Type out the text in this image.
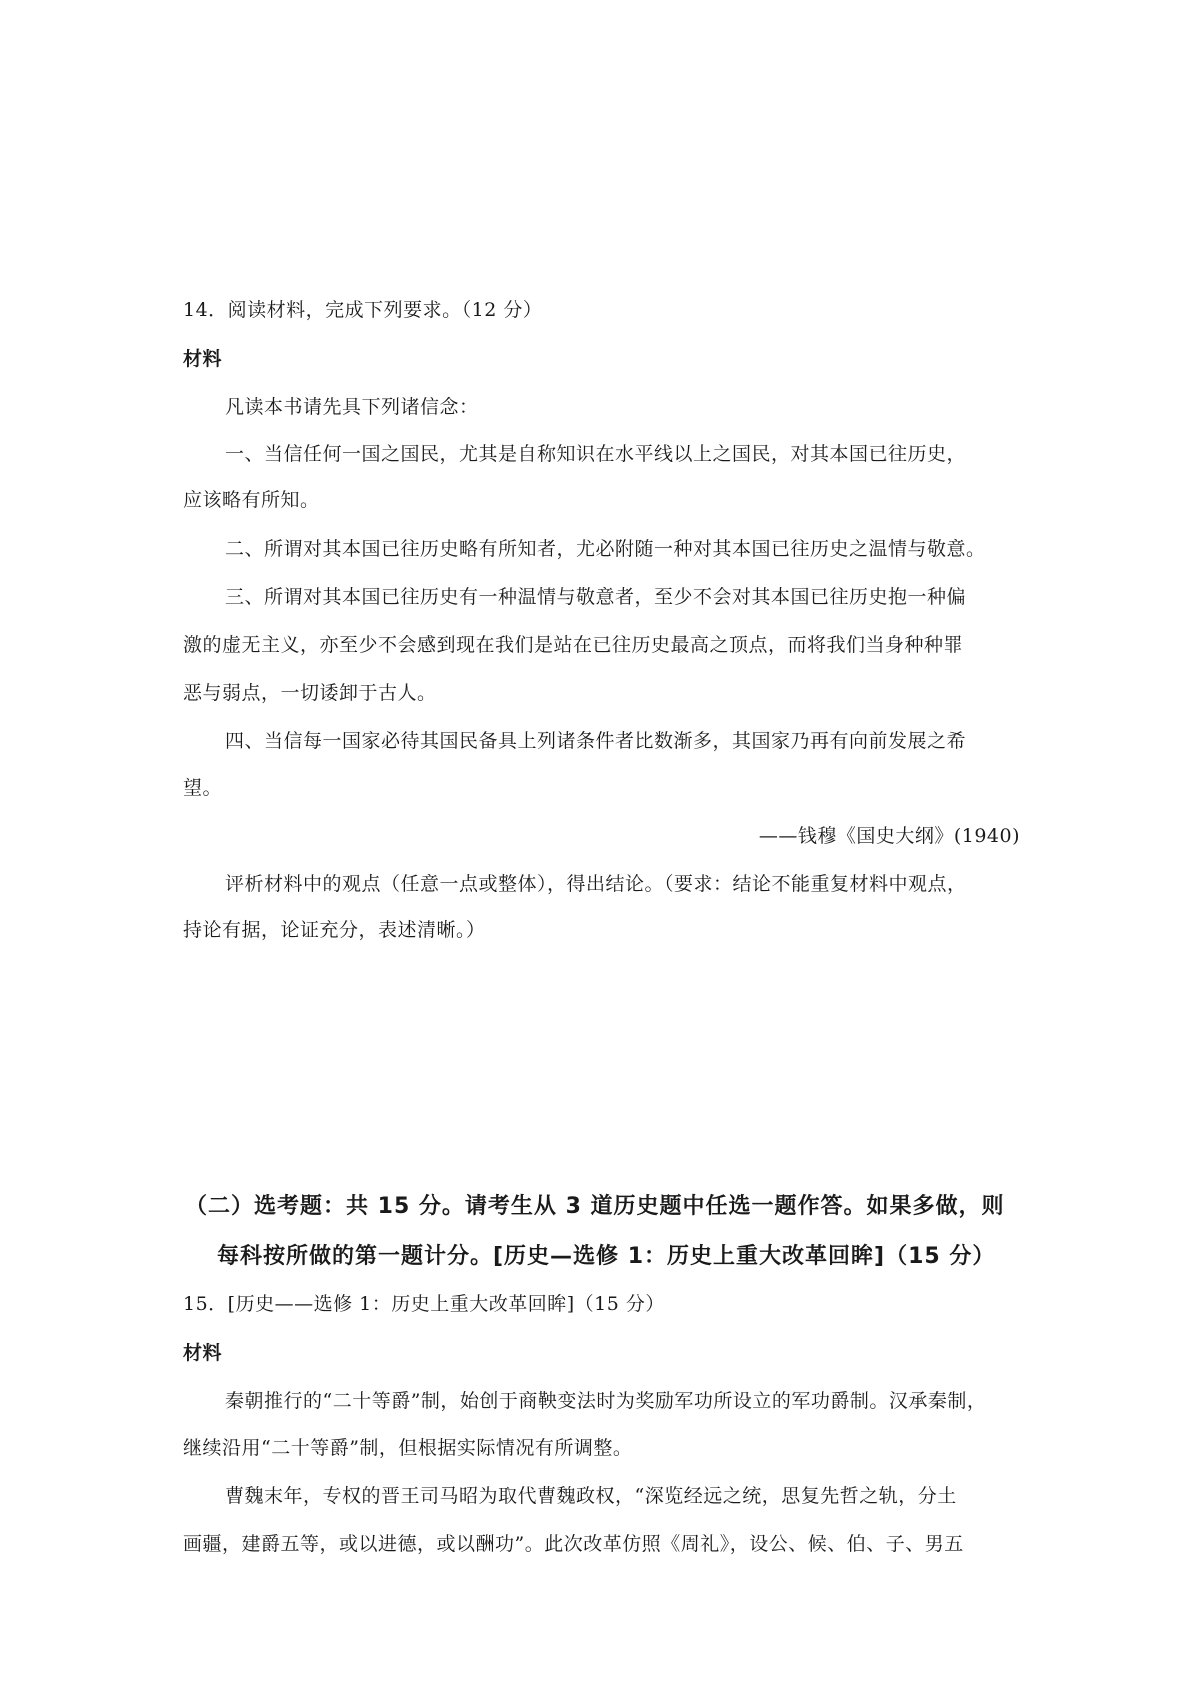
14．阅读材料，完成下列要求。（12 分）
材料
凡读本书请先具下列诸信念：
一、当信任何一国之国民，尤其是自称知识在水平线以上之国民，对其本国已往历史，
应该略有所知。
二、所谓对其本国已往历史略有所知者，尤必附随一种对其本国已往历史之温情与敬意。
三、所谓对其本国已往历史有一种温情与敬意者，至少不会对其本国已往历史抱一种偏
激的虚无主义，亦至少不会感到现在我们是站在已往历史最高之顶点，而将我们当身种种罪
恶与弱点，一切诿卸于古人。
四、当信每一国家必待其国民备具上列诸条件者比数渐多，其国家乃再有向前发展之希
望。
——钱穆《国史大纲》(1940)
评析材料中的观点（任意一点或整体），得出结论。（要求：结论不能重复材料中观点，
持论有据，论证充分，表述清晰。）
（二）选考题：共 15 分。请考生从 3 道历史题中任选一题作答。如果多做，则
每科按所做的第一题计分。[历史—选修 1：历史上重大改革回眸]（15 分）
15．[历史——选修 1：历史上重大改革回眸]（15 分）
材料
秦朝推行的“二十等爵”制，始创于商鞅变法时为奖励军功所设立的军功爵制。汉承秦制，
继续沿用“二十等爵”制，但根据实际情况有所调整。
曹魏末年，专权的晋王司马昭为取代曹魏政权，“深览经远之统，思复先哲之轨，分土
画疆，建爵五等，或以进德，或以酬功”。此次改革仿照《周礼》，设公、候、伯、子、男五
